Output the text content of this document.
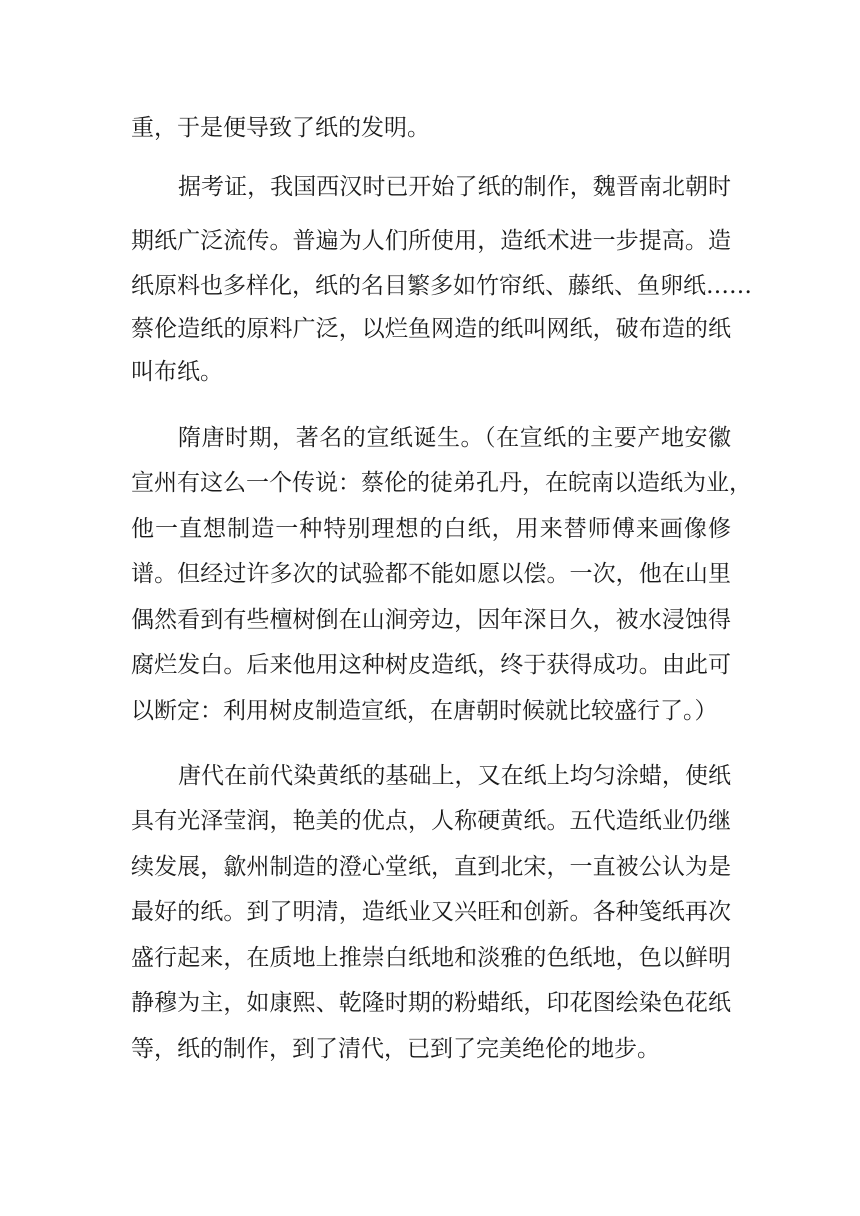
重，于是便导致了纸的发明。
据考证，我国西汉时已开始了纸的制作，魏晋南北朝时
期纸广泛流传。普遍为人们所使用，造纸术进一步提高。造
纸原料也多样化，纸的名目繁多如竹帘纸、藤纸、鱼卵纸……
蔡伦造纸的原料广泛，以烂鱼网造的纸叫网纸，破布造的纸
叫布纸。
隋唐时期，著名的宣纸诞生。（在宣纸的主要产地安徽
宣州有这么一个传说：蔡伦的徒弟孔丹，在皖南以造纸为业，
他一直想制造一种特别理想的白纸，用来替师傅来画像修
谱。但经过许多次的试验都不能如愿以偿。一次，他在山里
偶然看到有些檀树倒在山涧旁边，因年深日久，被水浸蚀得
腐烂发白。后来他用这种树皮造纸，终于获得成功。由此可
以断定：利用树皮制造宣纸，在唐朝时候就比较盛行了。）
唐代在前代染黄纸的基础上，又在纸上均匀涂蜡，使纸
具有光泽莹润，艳美的优点，人称硬黄纸。五代造纸业仍继
续发展，歙州制造的澄心堂纸，直到北宋，一直被公认为是
最好的纸。到了明清，造纸业又兴旺和创新。各种笺纸再次
盛行起来，在质地上推崇白纸地和淡雅的色纸地，色以鲜明
静穆为主，如康熙、乾隆时期的粉蜡纸，印花图绘染色花纸
等，纸的制作，到了清代，已到了完美绝伦的地步。
